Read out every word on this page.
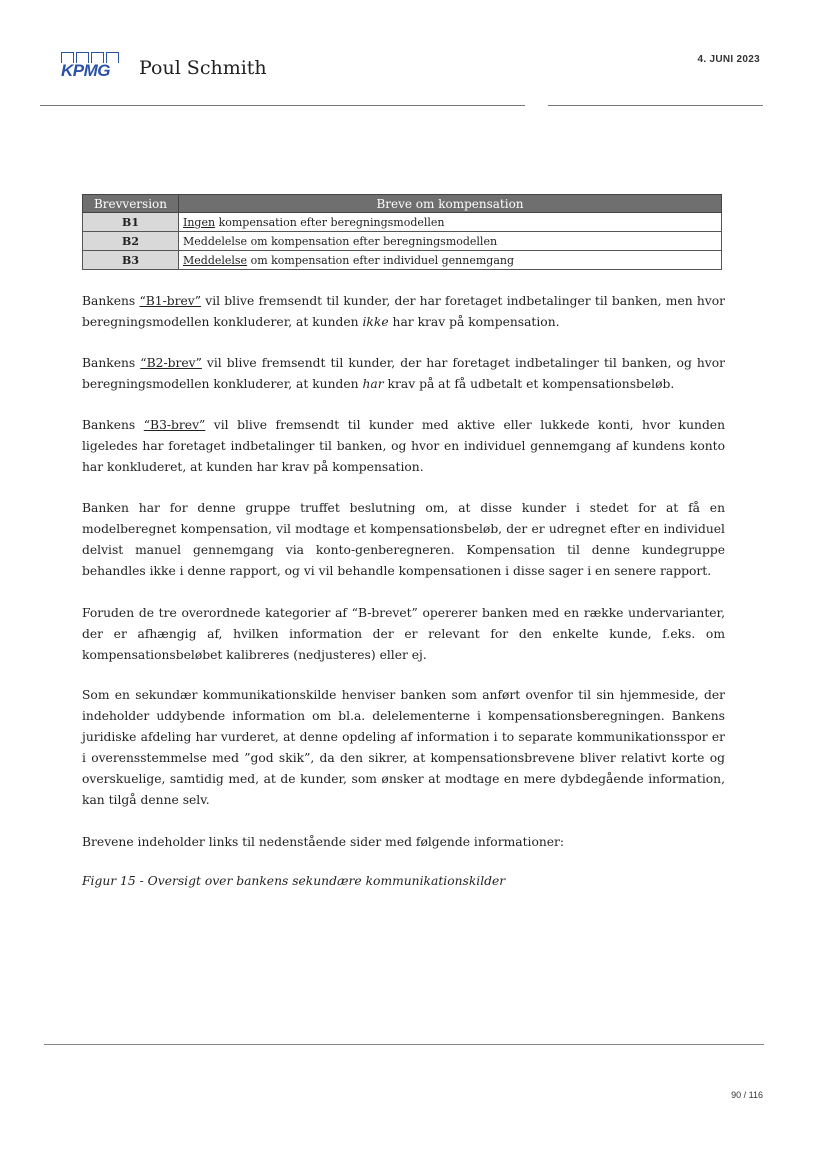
KPMG	Poul Schmith	4. JUNI 2023
Brevversion	Breve om kompensation
B1	Ingen kompensation efter beregningsmodellen
B2	Meddelelse om kompensation efter beregningsmodellen
B3	Meddelelse om kompensation efter individuel gennemgang

Bankens “B1-brev” vil blive fremsendt til kunder, der har foretaget indbetalinger til banken, men hvor beregningsmodellen konkluderer, at kunden ikke har krav på kompensation.

Bankens “B2-brev” vil blive fremsendt til kunder, der har foretaget indbetalinger til banken, og hvor beregningsmodellen konkluderer, at kunden har krav på at få udbetalt et kompensationsbeløb.

Bankens “B3-brev” vil blive fremsendt til kunder med aktive eller lukkede konti, hvor kunden ligeledes har foretaget indbetalinger til banken, og hvor en individuel gennemgang af kundens konto har konkluderet, at kunden har krav på kompensation.

Banken har for denne gruppe truffet beslutning om, at disse kunder i stedet for at få en modelberegnet kompensation, vil modtage et kompensationsbeløb, der er udregnet efter en individuel delvist manuel gennemgang via konto-genberegneren. Kompensation til denne kundegruppe behandles ikke i denne rapport, og vi vil behandle kompensationen i disse sager i en senere rapport.

Foruden de tre overordnede kategorier af “B-brevet” opererer banken med en række undervarianter, der er afhængig af, hvilken information der er relevant for den enkelte kunde, f.eks. om kompensationsbeløbet kalibreres (nedjusteres) eller ej.

Som en sekundær kommunikationskilde henviser banken som anført ovenfor til sin hjemmeside, der indeholder uddybende information om bl.a. delelementerne i kompensationsberegningen. Bankens juridiske afdeling har vurderet, at denne opdeling af information i to separate kommunikationsspor er i overensstemmelse med ”god skik”, da den sikrer, at kompensationsbrevene bliver relativt korte og overskuelige, samtidig med, at de kunder, som ønsker at modtage en mere dybdegående information, kan tilgå denne selv.

Brevene indeholder links til nedenstående sider med følgende informationer:

Figur 15 - Oversigt over bankens sekundære kommunikationskilder
90 / 116
